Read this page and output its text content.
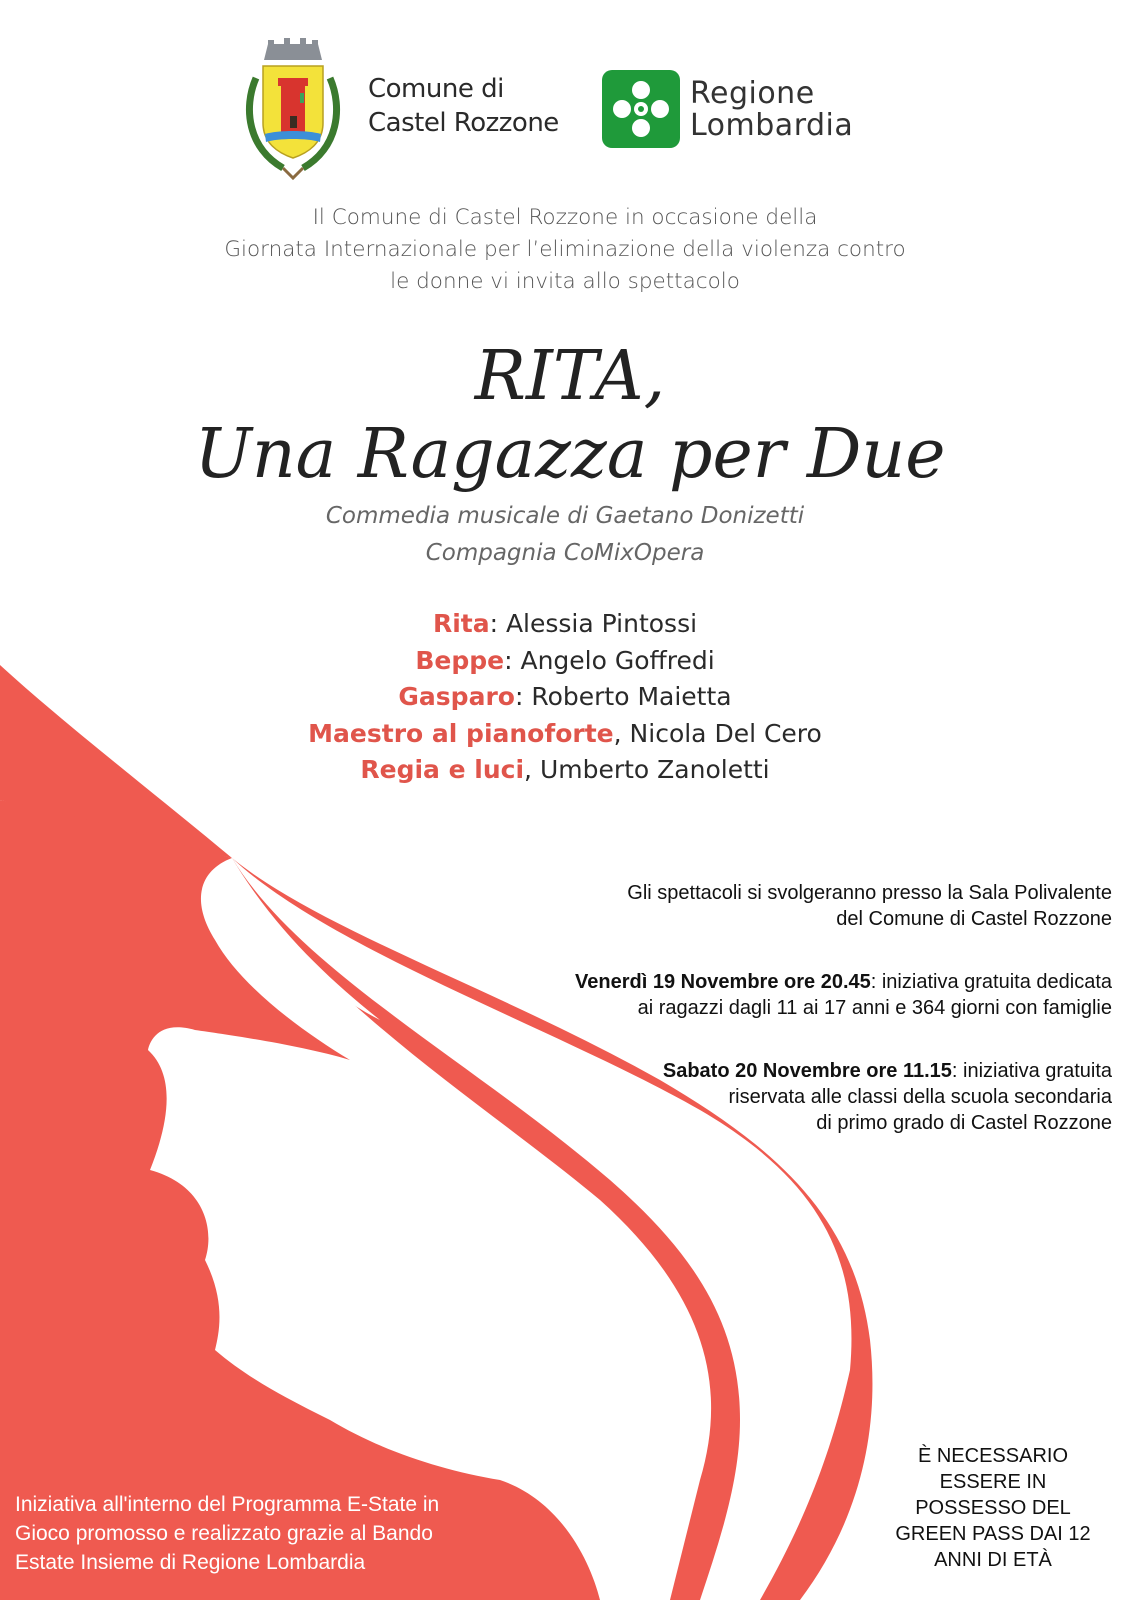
Comune di
Castel Rozzone
Regione
Lombardia
Il Comune di Castel Rozzone in occasione della
Giornata Internazionale per l’eliminazione della violenza contro
le donne vi invita allo spettacolo
RITA,
Una Ragazza per Due
Commedia musicale di Gaetano Donizetti
Compagnia CoMixOpera
Rita: Alessia Pintossi
Beppe: Angelo Goffredi
Gasparo: Roberto Maietta
Maestro al pianoforte, Nicola Del Cero
Regia e luci, Umberto Zanoletti
Gli spettacoli si svolgeranno presso la Sala Polivalente
del Comune di Castel Rozzone
Venerdì 19 Novembre ore 20.45: iniziativa gratuita dedicata
ai ragazzi dagli 11 ai 17 anni e 364 giorni con famiglie
Sabato 20 Novembre ore 11.15: iniziativa gratuita
riservata alle classi della scuola secondaria
di primo grado di Castel Rozzone
Iniziativa all'interno del Programma E-State in
Gioco promosso e realizzato grazie al Bando
Estate Insieme di Regione Lombardia
È NECESSARIO
ESSERE IN
POSSESSO DEL
GREEN PASS DAI 12
ANNI DI ETÀ
